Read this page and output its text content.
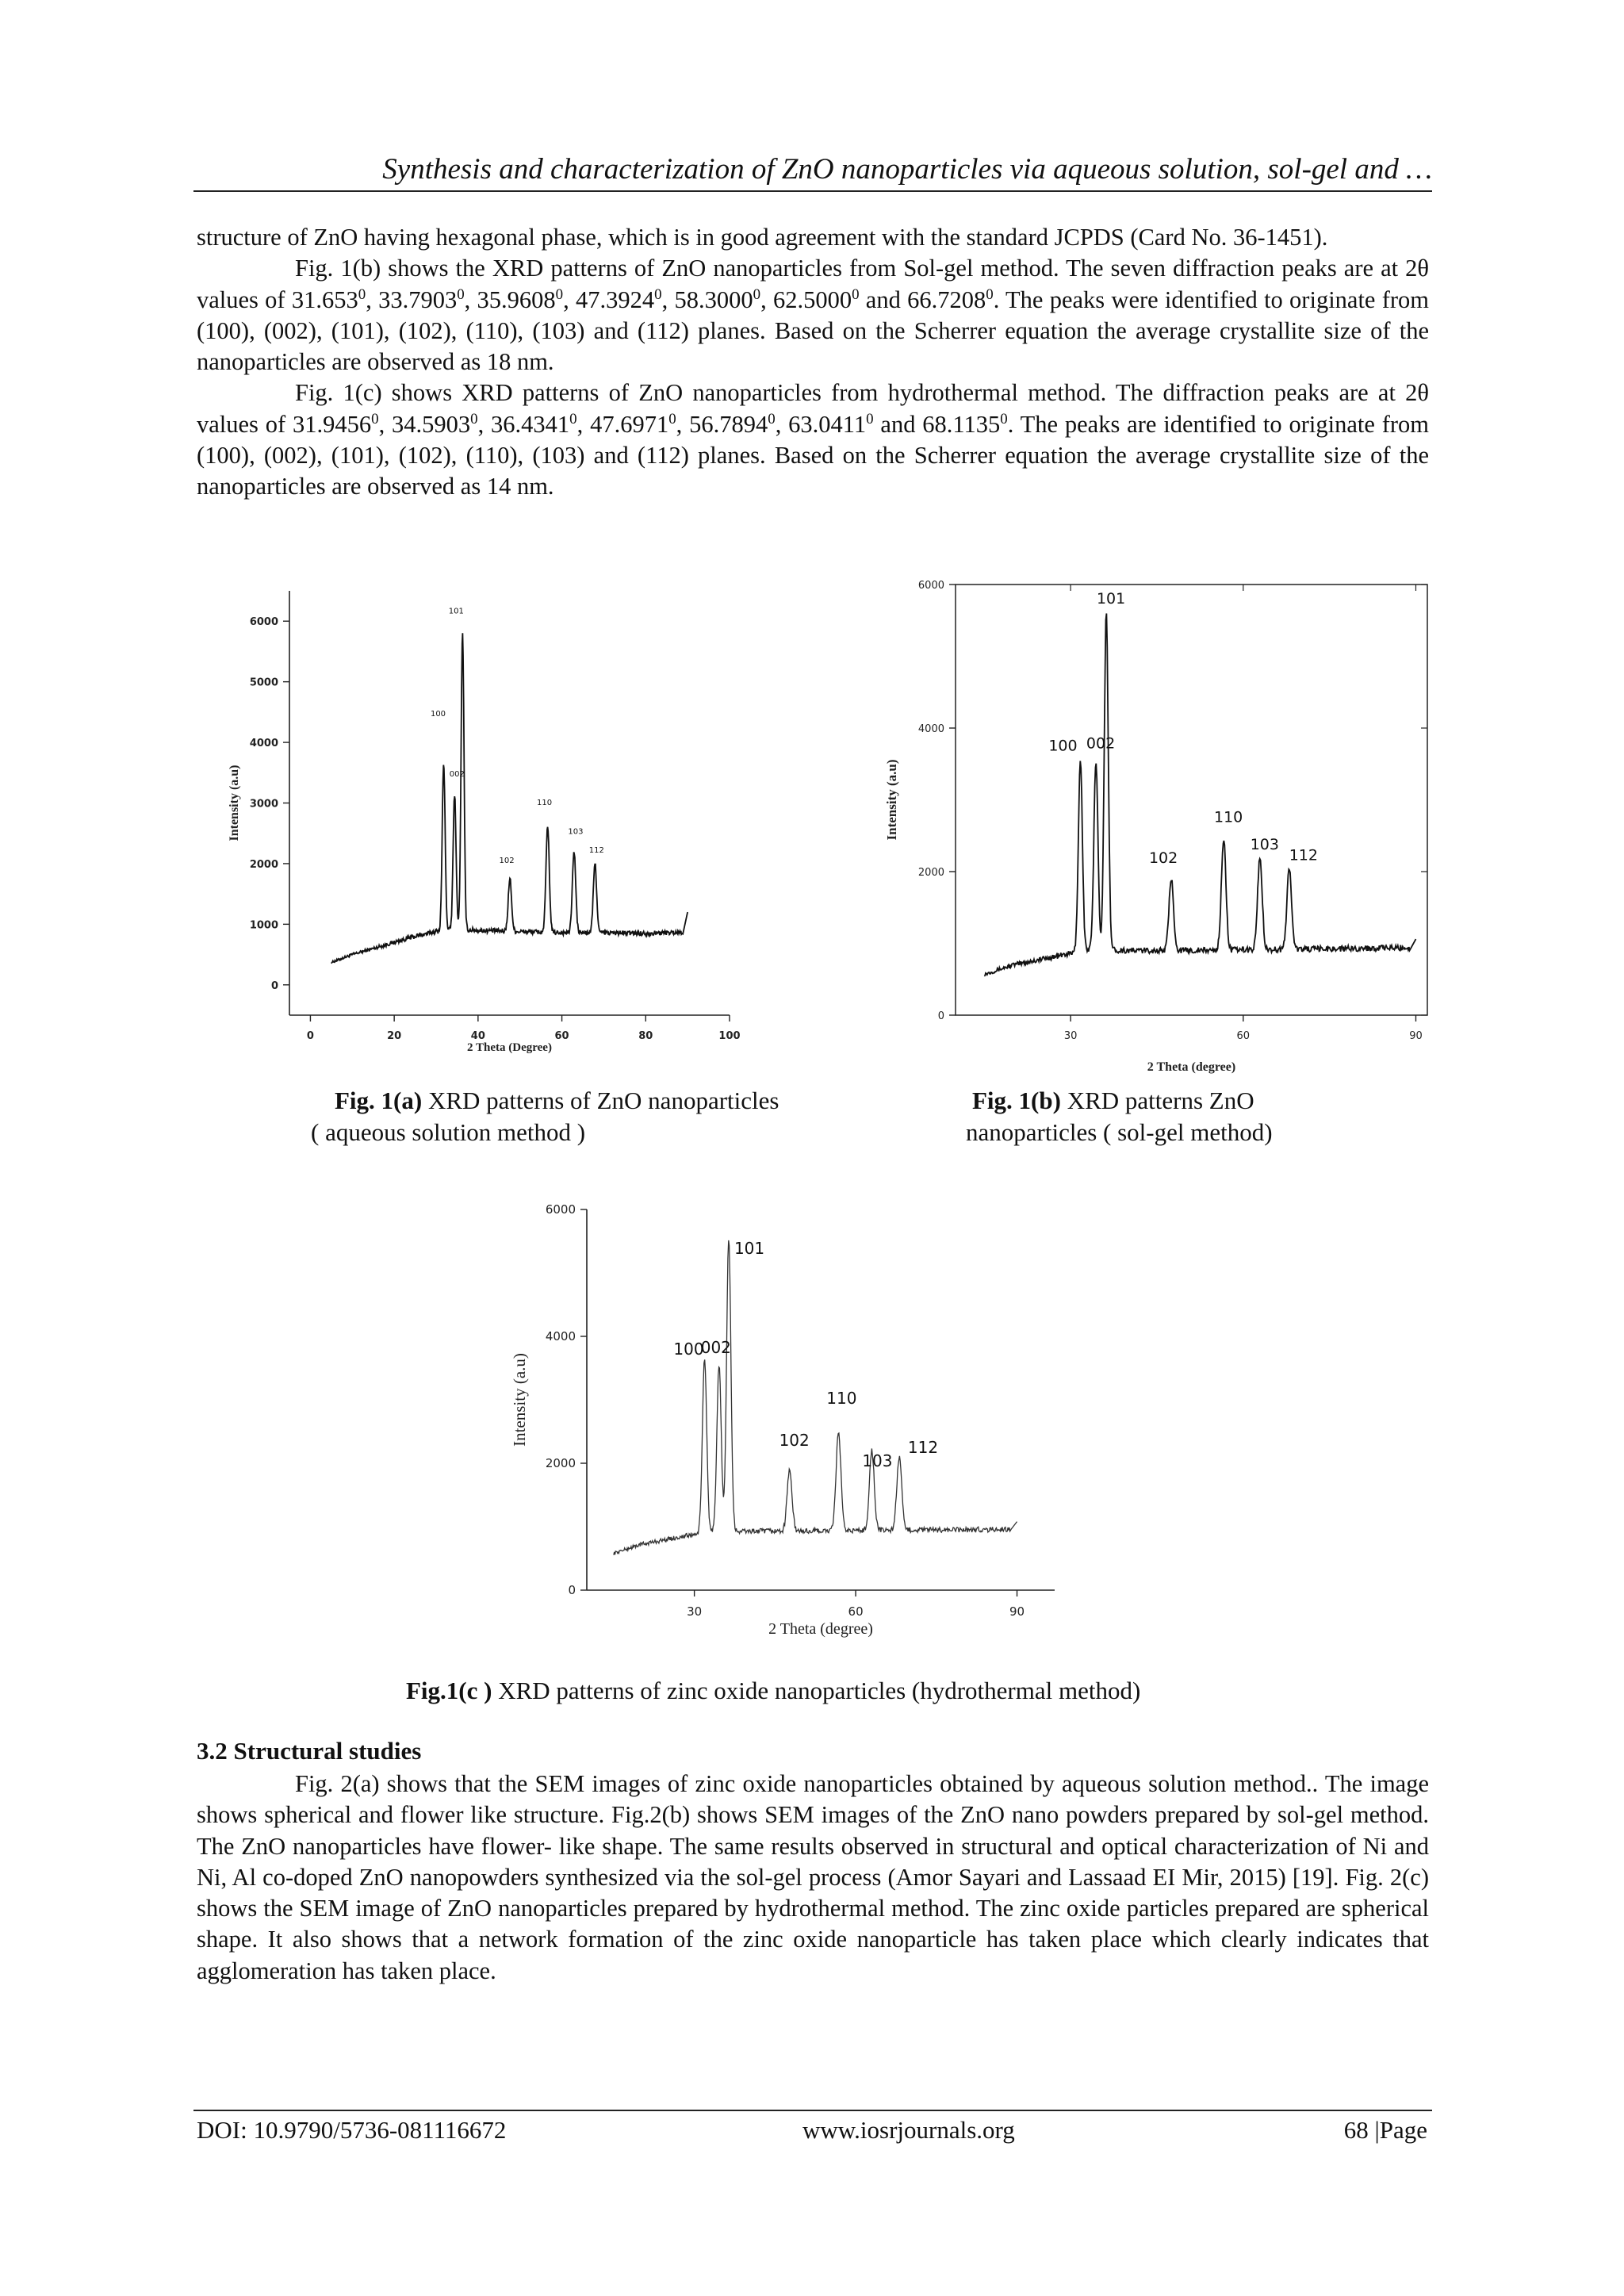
Synthesis and characterization of ZnO nanoparticles via aqueous solution, sol-gel and …

structure of ZnO having hexagonal phase, which is in good agreement with the standard JCPDS (Card No. 36-1451).

Fig. 1(b) shows the XRD patterns of ZnO nanoparticles from Sol-gel method. The seven diffraction peaks are at 2θ values of 31.653$^0$, 33.7903$^0$, 35.9608$^0$, 47.3924$^0$, 58.3000$^0$, 62.5000$^0$ and 66.7208$^0$. The peaks were identified to originate from (100), (002), (101), (102), (110), (103) and (112) planes. Based on the Scherrer equation the average crystallite size of the nanoparticles are observed as 18 nm.

Fig. 1(c) shows XRD patterns of ZnO nanoparticles from hydrothermal method. The diffraction peaks are at 2θ values of 31.9456$^0$, 34.5903$^0$, 36.4341$^0$, 47.6971$^0$, 56.7894$^0$, 63.0411$^0$ and 68.1135$^0$. The peaks are identified to originate from (100), (002), (101), (102), (110), (103) and (112) planes. Based on the Scherrer equation the average crystallite size of the nanoparticles are observed as 14 nm.

0
1000
2000
3000
4000
5000
6000
0	20	40	60	80	100
2 Theta (Degree)
Intensity (a.u)
100
002
101
102
110
103
112
0
2000
4000
6000
30	60	90
2 Theta (degree)
Intensity (a.u)
100 002
101
102
110
103
112
0
2000
4000
6000
30	60	90
2 Theta (degree)
Intensity (a.u)
100
002
101
102
110
103
112
Fig. 1(a) XRD patterns of ZnO nanoparticles
( aqueous solution method )
Fig. 1(b) XRD patterns ZnO
nanoparticles ( sol-gel method)
Fig.1(c ) XRD patterns of zinc oxide nanoparticles (hydrothermal method)
3.2 Structural studies

Fig. 2(a) shows that the SEM images of zinc oxide nanoparticles obtained by aqueous solution method.. The image shows spherical and flower like structure. Fig.2(b) shows SEM images of the ZnO nano powders prepared by sol-gel method. The ZnO nanoparticles have flower- like shape. The same results observed in structural and optical characterization of Ni and Ni, Al co-doped ZnO nanopowders synthesized via the sol-gel process (Amor Sayari and Lassaad EI Mir, 2015) [19]. Fig. 2(c) shows the SEM image of ZnO nanoparticles prepared by hydrothermal method. The zinc oxide particles prepared are spherical shape. It also shows that a network formation of the zinc oxide nanoparticle has taken place which clearly indicates that agglomeration has taken place.

DOI: 10.9790/5736-081116672	www.iosrjournals.org	68 |Page
